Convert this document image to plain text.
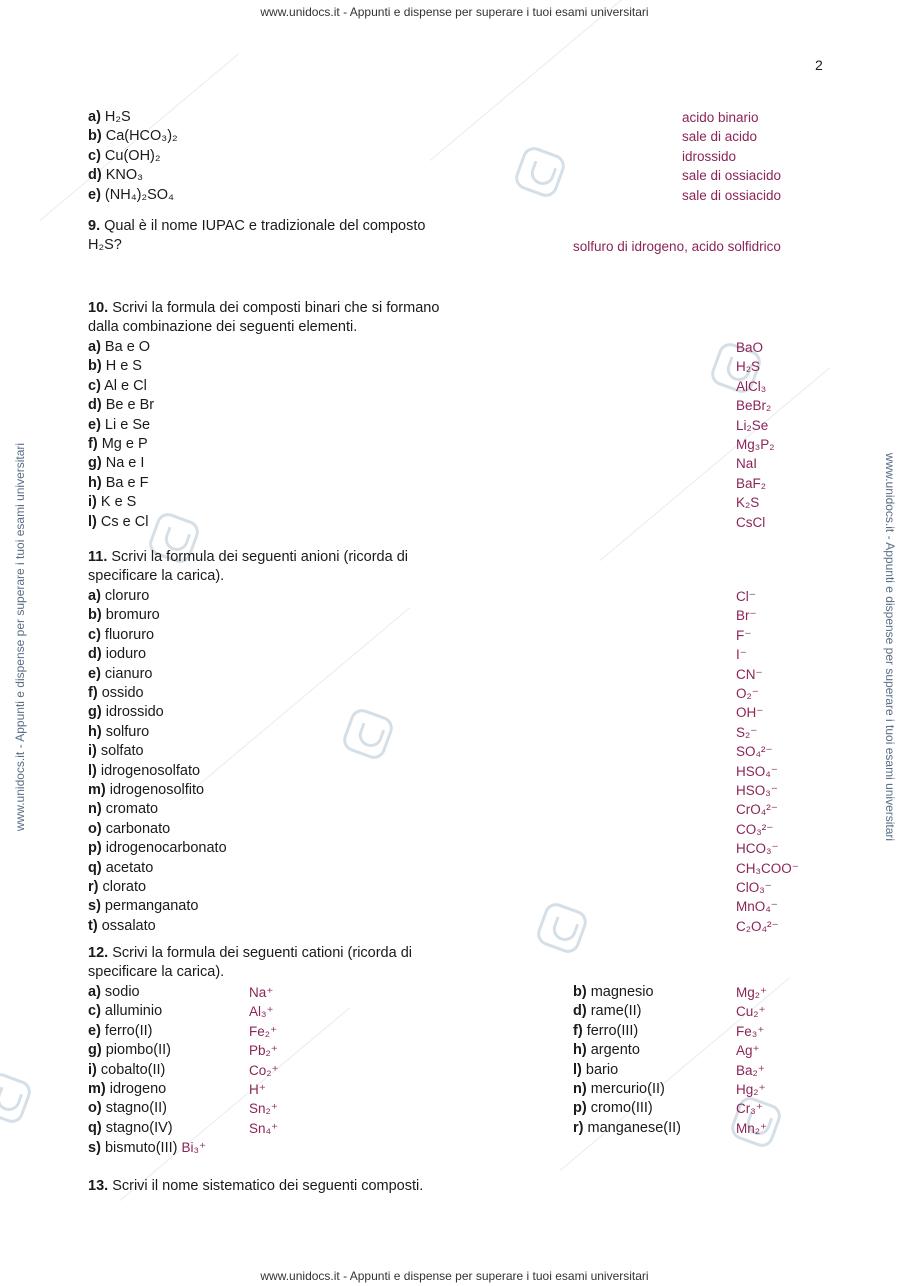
www.unidocs.it - Appunti e dispense per superare i tuoi esami universitari
www.unidocs.it - Appunti e dispense per superare i tuoi esami universitari
www.unidocs.it - Appunti e dispense per superare i tuoi esami universitari	www.unidocs.it - Appunti e dispense per superare i tuoi esami universitari
2
a) H₂S	acido binario
b) Ca(HCO₃)₂	sale di acido
c) Cu(OH)₂	idrossido
d) KNO₃	sale di ossiacido
e) (NH₄)₂SO₄	sale di ossiacido
9. Qual è il nome IUPAC e tradizionale del composto
H₂S?	solfuro di idrogeno, acido solfidrico
10. Scrivi la formula dei composti binari che si formano
dalla combinazione dei seguenti elementi.
a) Ba e O	BaO
b) H e S	H₂S
c) Al e Cl	AlCl₃
d) Be e Br	BeBr₂
e) Li e Se	Li₂Se
f) Mg e P	Mg₃P₂
g) Na e I	NaI
h) Ba e F	BaF₂
i) K e S	K₂S
l) Cs e Cl	CsCl
11. Scrivi la formula dei seguenti anioni (ricorda di
specificare la carica).
a) cloruro	Cl⁻
b) bromuro	Br⁻
c) fluoruro	F⁻
d) ioduro	I⁻
e) cianuro	CN⁻
f) ossido	O₂⁻
g) idrossido	OH⁻
h) solfuro	S₂⁻
i) solfato	SO₄²⁻
l) idrogenosolfato	HSO₄⁻
m) idrogenosolfito	HSO₃⁻
n) cromato	CrO₄²⁻
o) carbonato	CO₃²⁻
p) idrogenocarbonato	HCO₃⁻
q) acetato	CH₃COO⁻
r) clorato	ClO₃⁻
s) permanganato	MnO₄⁻
t) ossalato	C₂O₄²⁻
12. Scrivi la formula dei seguenti cationi (ricorda di
specificare la carica).
a) sodio	Na⁺
c) alluminio	Al₃⁺
e) ferro(II)	Fe₂⁺
g) piombo(II)	Pb₂⁺
i) cobalto(II)	Co₂⁺
m) idrogeno	H⁺
o) stagno(II)	Sn₂⁺
q) stagno(IV)	Sn₄⁺
b) magnesio	Mg₂⁺
d) rame(II)	Cu₂⁺
f) ferro(III)	Fe₃⁺
h) argento	Ag⁺
l) bario	Ba₂⁺
n) mercurio(II)	Hg₂⁺
p) cromo(III)	Cr₃⁺
r) manganese(II)	Mn₂⁺
s) bismuto(III) Bi₃⁺
13. Scrivi il nome sistematico dei seguenti composti.
